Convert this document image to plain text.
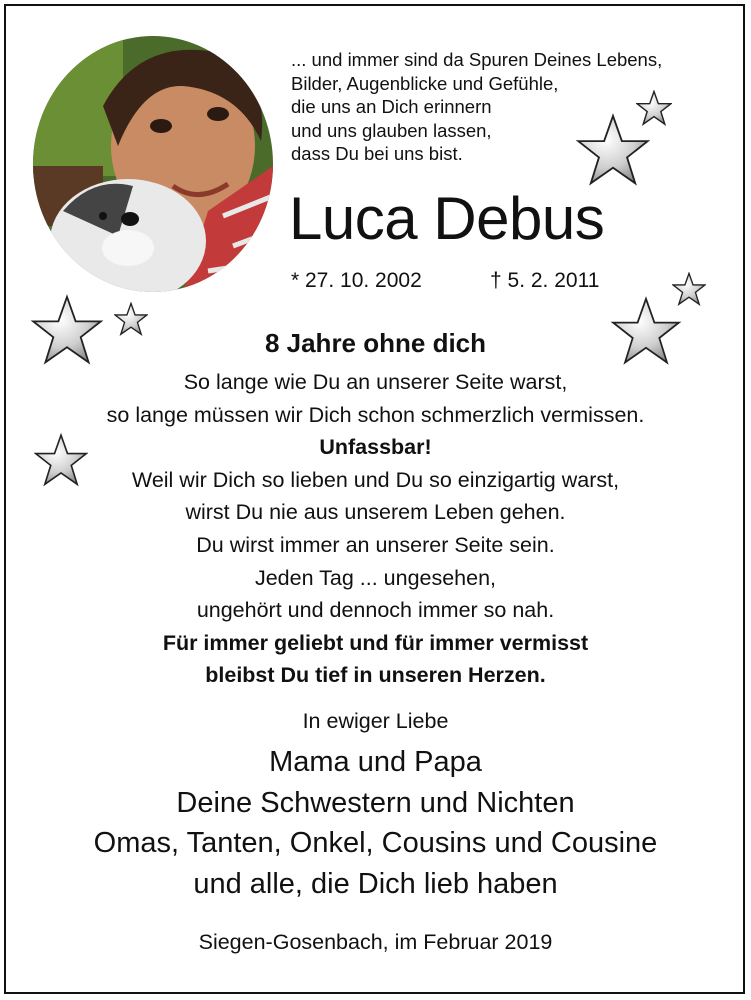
... und immer sind da Spuren Deines Lebens,
Bilder, Augenblicke und Gefühle,
die uns an Dich erinnern
und uns glauben lassen,
dass Du bei uns bist.
Luca Debus
* 27. 10. 2002	† 5. 2. 2011
8 Jahre ohne dich
So lange wie Du an unserer Seite warst,
so lange müssen wir Dich schon schmerzlich vermissen.
Unfassbar!
Weil wir Dich so lieben und Du so einzigartig warst,
wirst Du nie aus unserem Leben gehen.
Du wirst immer an unserer Seite sein.
Jeden Tag ... ungesehen,
ungehört und dennoch immer so nah.
Für immer geliebt und für immer vermisst
bleibst Du tief in unseren Herzen.
In ewiger Liebe
Mama und Papa
Deine Schwestern und Nichten
Omas, Tanten, Onkel, Cousins und Cousine
und alle, die Dich lieb haben
Siegen-Gosenbach, im Februar 2019
